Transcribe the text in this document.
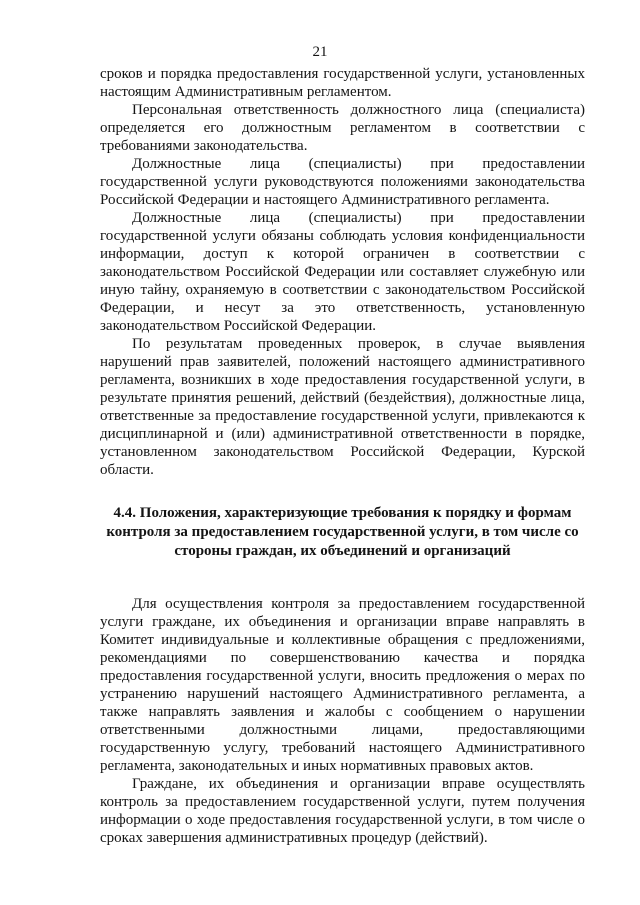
21

сроков и порядка предоставления государственной услуги, установленных настоящим Административным регламентом.

Персональная ответственность должностного лица (специалиста) определяется его должностным регламентом в соответствии с требованиями законодательства.

Должностные лица (специалисты) при предоставлении государственной услуги руководствуются положениями законодательства Российской Федерации и настоящего Административного регламента.

Должностные лица (специалисты) при предоставлении государственной услуги обязаны соблюдать условия конфиденциальности информации, доступ к которой ограничен в соответствии с законодательством Российской Федерации или составляет служебную или иную тайну, охраняемую в соответствии с законодательством Российской Федерации, и несут за это ответственность, установленную законодательством Российской Федерации.

По результатам проведенных проверок, в случае выявления нарушений прав заявителей, положений настоящего административного регламента, возникших в ходе предоставления государственной услуги, в результате принятия решений, действий (бездействия), должностные лица, ответственные за предоставление государственной услуги, привлекаются к дисциплинарной и (или) административной ответственности в порядке, установленном законодательством Российской Федерации, Курской области.

4.4. Положения, характеризующие требования к порядку и формам контроля за предоставлением государственной услуги, в том числе со стороны граждан, их объединений и организаций

Для осуществления контроля за предоставлением государственной услуги граждане, их объединения и организации вправе направлять в Комитет индивидуальные и коллективные обращения с предложениями, рекомендациями по совершенствованию качества и порядка предоставления государственной услуги, вносить предложения о мерах по устранению нарушений настоящего Административного регламента, а также направлять заявления и жалобы с сообщением о нарушении ответственными должностными лицами, предоставляющими государственную услугу, требований настоящего Административного регламента, законодательных и иных нормативных правовых актов.

Граждане, их объединения и организации вправе осуществлять контроль за предоставлением государственной услуги, путем получения информации о ходе предоставления государственной услуги, в том числе о сроках завершения административных процедур (действий).
